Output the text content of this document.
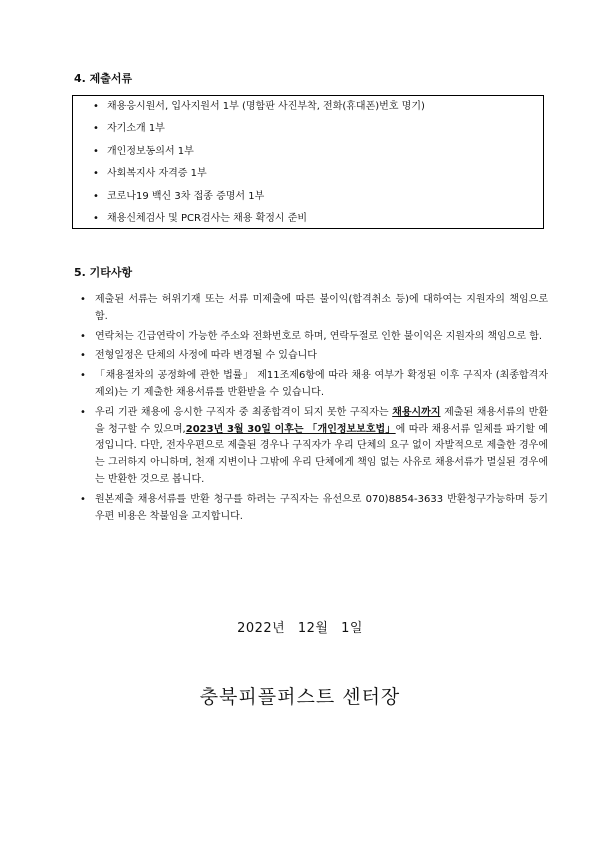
4. 제출서류
• 채용응시원서, 입사지원서 1부 (명함판 사진부착, 전화(휴대폰)번호 명기)
• 자기소개 1부
• 개인정보동의서 1부
• 사회복지사 자격증 1부
• 코로나19 백신 3차 접종 증명서 1부
• 채용신체검사 및 PCR검사는 채용 확정시 준비
5. 기타사항
• 제출된 서류는 허위기재 또는 서류 미제출에 따른 불이익(합격취소 등)에 대하여는 지원자의 책임으로 함.
• 연락처는 긴급연락이 가능한 주소와 전화번호로 하며, 연락두절로 인한 불이익은 지원자의 책임으로 함.
• 전형일정은 단체의 사정에 따라 변경될 수 있습니다
• 「채용절차의 공정화에 관한 법률」 제11조제6항에 따라 채용 여부가 확정된 이후 구직자 (최종합격자제외)는 기 제출한 채용서류를 반환받을 수 있습니다.
• 우리 기관 채용에 응시한 구직자 중 최종합격이 되지 못한 구직자는 채용시까지 제출된 채용서류의 반환을 청구할 수 있으며,2023년 3월 30일 이후는 「개인정보보호법」에 따라 채용서류 일체를 파기할 예정입니다. 다만, 전자우편으로 제출된 경우나 구직자가 우리 단체의 요구 없이 자발적으로 제출한 경우에는 그러하지 아니하며, 천재 지변이나 그밖에 우리 단체에게 책임 없는 사유로 채용서류가 멸실된 경우에는 반환한 것으로 봅니다.
• 원본제출 채용서류를 반환 청구를 하려는 구직자는 유선으로 070)8854-3633 반환청구가능하며 등기우편 비용은 착불임을 고지합니다.
2022년 12월 1일
충북피플퍼스트 센터장
